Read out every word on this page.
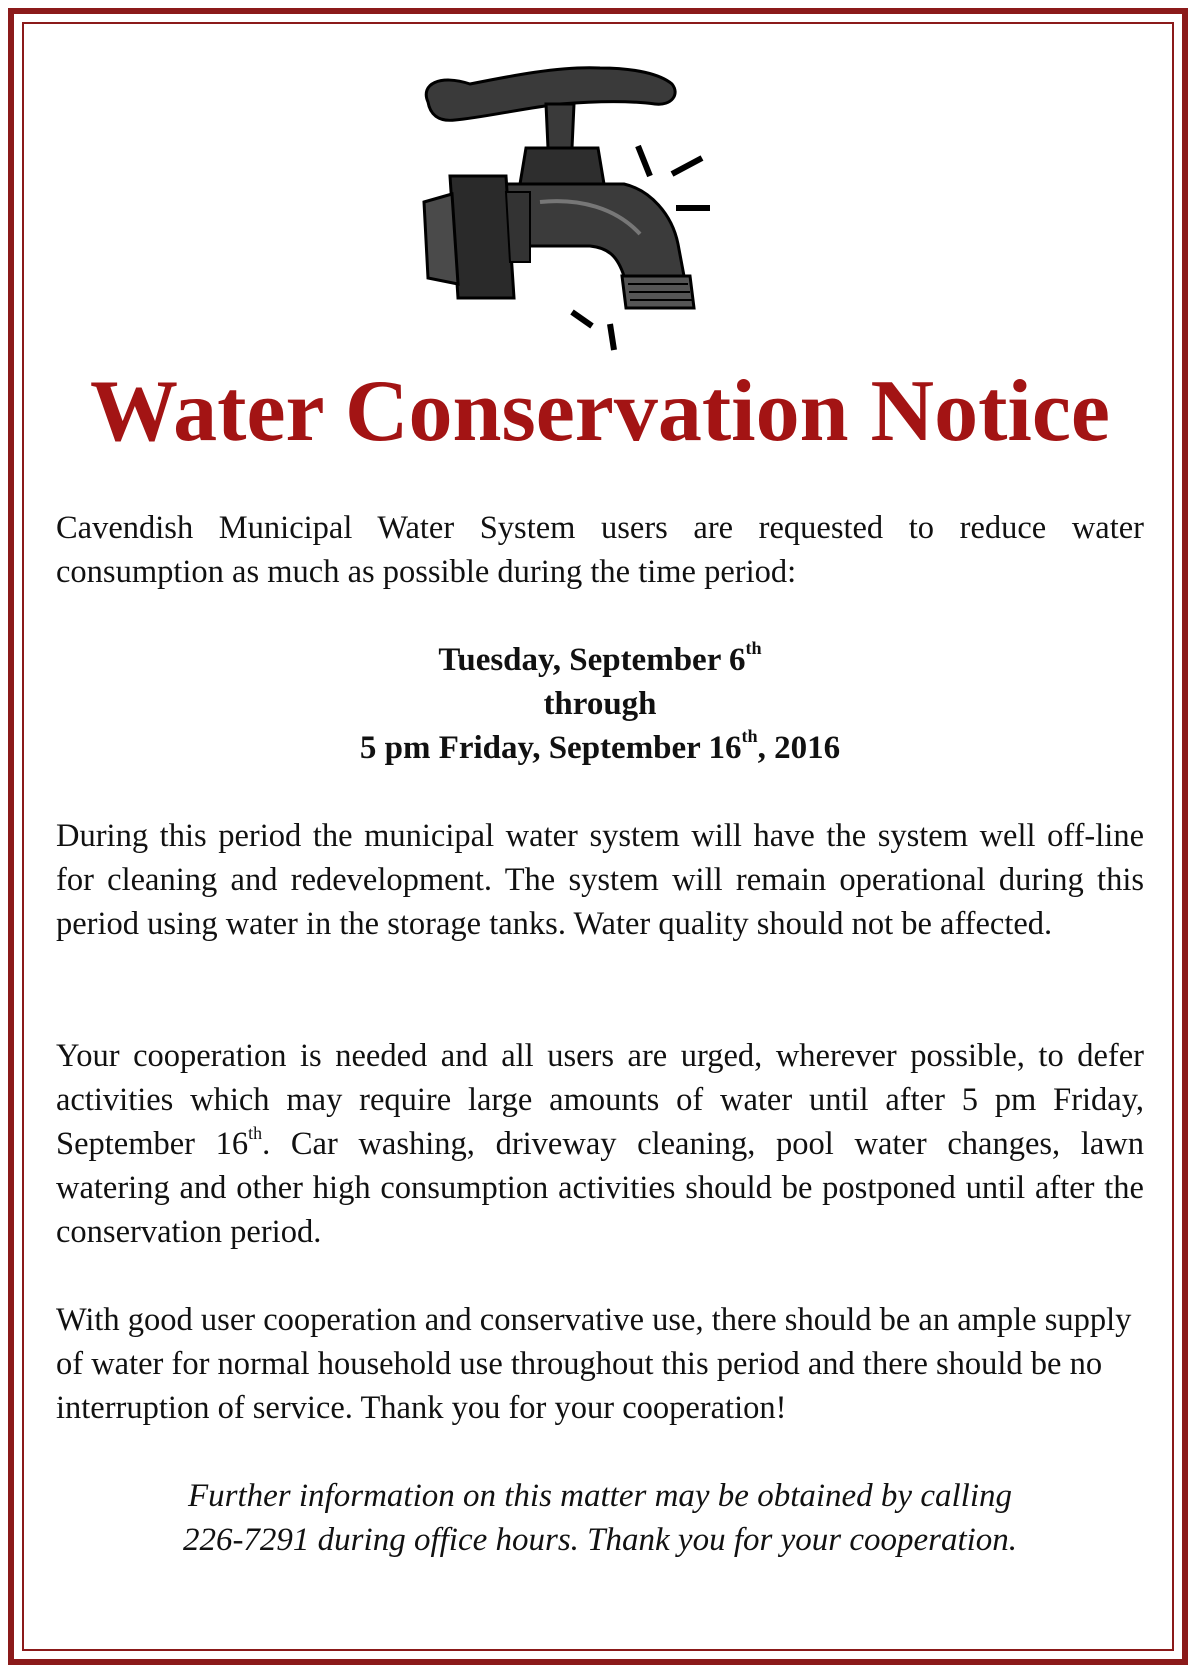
Water Conservation Notice

Cavendish Municipal Water System users are requested to reduce water consumption as much as possible during the time period:

Tuesday, September 6th
through
5 pm Friday, September 16th, 2016

During this period the municipal water system will have the system well off-line for cleaning and redevelopment. The system will remain operational during this period using water in the storage tanks. Water quality should not be affected.

Your cooperation is needed and all users are urged, wherever possible, to defer activities which may require large amounts of water until after 5 pm Friday, September 16th. Car washing, driveway cleaning, pool water changes, lawn watering and other high consumption activities should be postponed until after the conservation period.

With good user cooperation and conservative use, there should be an ample supply of water for normal household use throughout this period and there should be no interruption of service. Thank you for your cooperation!

Further information on this matter may be obtained by calling
226-7291 during office hours. Thank you for your cooperation.
